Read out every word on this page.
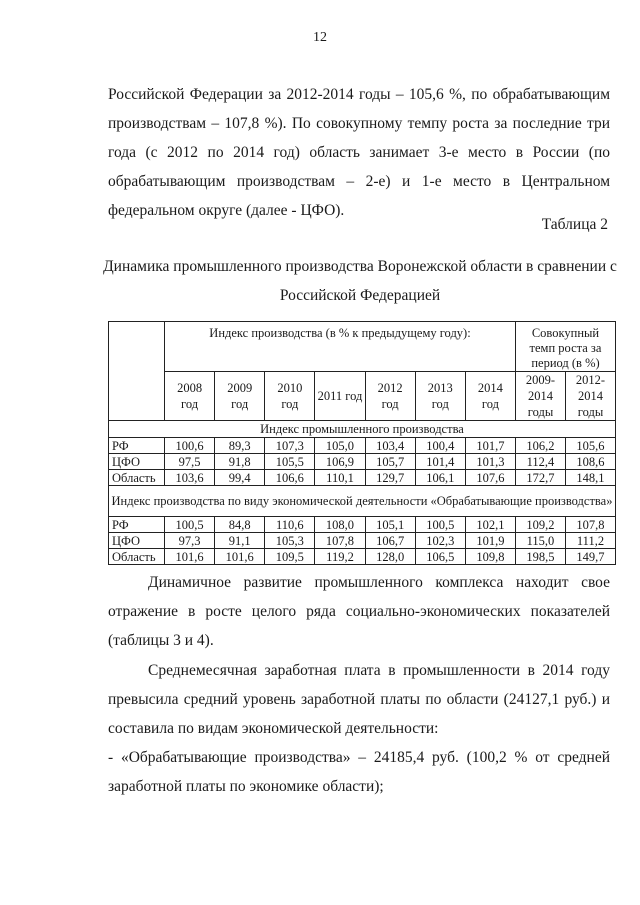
12
Российской Федерации за 2012-2014 годы – 105,6 %, по обрабатывающим производствам – 107,8 %). По совокупному темпу роста за последние три года (с 2012 по 2014 год) область занимает 3-е место в России (по обрабатывающим производствам – 2-е) и 1-е место в Центральном федеральном округе (далее - ЦФО).
Таблица 2
Динамика промышленного производства Воронежской области в сравнении с Российской Федерацией
	Индекс производства (в % к предыдущему году):							Совокупный темп роста за период (в %)	
	2008 год	2009 год	2010 год	2011 год	2012 год	2013 год	2014 год	2009-2014 годы	2012-2014 годы
Индекс промышленного производства									
РФ	100,6	89,3	107,3	105,0	103,4	100,4	101,7	106,2	105,6
ЦФО	97,5	91,8	105,5	106,9	105,7	101,4	101,3	112,4	108,6
Область	103,6	99,4	106,6	110,1	129,7	106,1	107,6	172,7	148,1
Индекс производства по виду экономической деятельности «Обрабатывающие производства»									
РФ	100,5	84,8	110,6	108,0	105,1	100,5	102,1	109,2	107,8
ЦФО	97,3	91,1	105,3	107,8	106,7	102,3	101,9	115,0	111,2
Область	101,6	101,6	109,5	119,2	128,0	106,5	109,8	198,5	149,7
Динамичное развитие промышленного комплекса находит свое отражение в росте целого ряда социально-экономических показателей (таблицы 3 и 4).
Среднемесячная заработная плата в промышленности в 2014 году превысила средний уровень заработной платы по области (24127,1 руб.) и составила по видам экономической деятельности:
- «Обрабатывающие производства» – 24185,4 руб. (100,2 % от средней заработной платы по экономике области);
